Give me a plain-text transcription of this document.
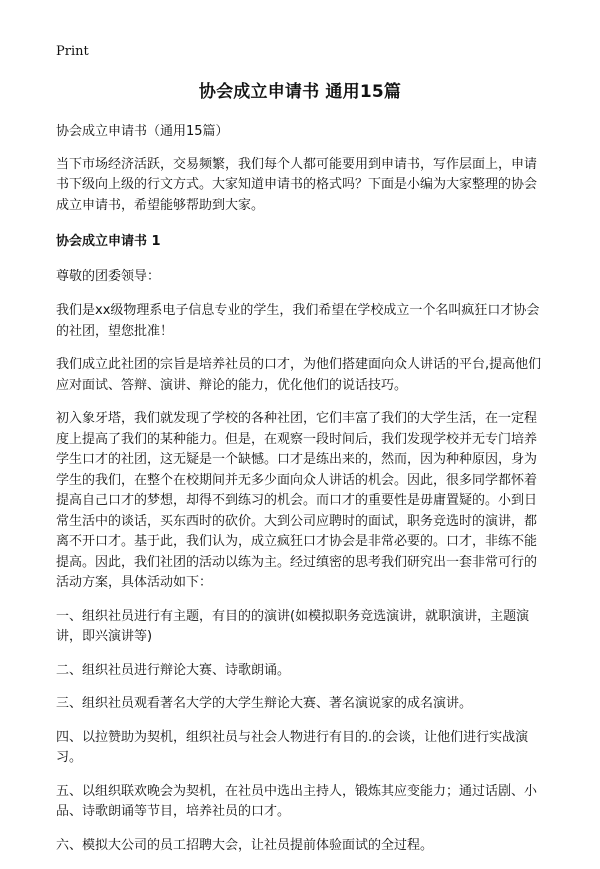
Print
协会成立申请书 通用15篇

协会成立申请书（通用15篇）

当下市场经济活跃，交易频繁，我们每个人都可能要用到申请书，写作层面上，申请书下级向上级的行文方式。大家知道申请书的格式吗？下面是小编为大家整理的协会成立申请书，希望能够帮助到大家。

协会成立申请书 1

尊敬的团委领导：

我们是xx级物理系电子信息专业的学生，我们希望在学校成立一个名叫疯狂口才协会的社团，望您批准！

我们成立此社团的宗旨是培养社员的口才，为他们搭建面向众人讲话的平台,提高他们应对面试、答辩、演讲、辩论的能力，优化他们的说话技巧。

初入象牙塔，我们就发现了学校的各种社团，它们丰富了我们的大学生活，在一定程度上提高了我们的某种能力。但是，在观察一段时间后，我们发现学校并无专门培养学生口才的社团，这无疑是一个缺憾。口才是练出来的，然而，因为种种原因，身为学生的我们，在整个在校期间并无多少面向众人讲话的机会。因此，很多同学都怀着提高自己口才的梦想，却得不到练习的机会。而口才的重要性是毋庸置疑的。小到日常生活中的谈话，买东西时的砍价。大到公司应聘时的面试，职务竞选时的演讲，都离不开口才。基于此，我们认为，成立疯狂口才协会是非常必要的。口才，非练不能提高。因此，我们社团的活动以练为主。经过缜密的思考我们研究出一套非常可行的活动方案，具体活动如下：

一、组织社员进行有主题，有目的的演讲(如模拟职务竞选演讲，就职演讲，主题演讲，即兴演讲等)

二、组织社员进行辩论大赛、诗歌朗诵。

三、组织社员观看著名大学的大学生辩论大赛、著名演说家的成名演讲。

四、以拉赞助为契机，组织社员与社会人物进行有目的.的会谈，让他们进行实战演习。

五、以组织联欢晚会为契机，在社员中选出主持人，锻炼其应变能力；通过话剧、小品、诗歌朗诵等节目，培养社员的口才。

六、模拟大公司的员工招聘大会，让社员提前体验面试的全过程。
